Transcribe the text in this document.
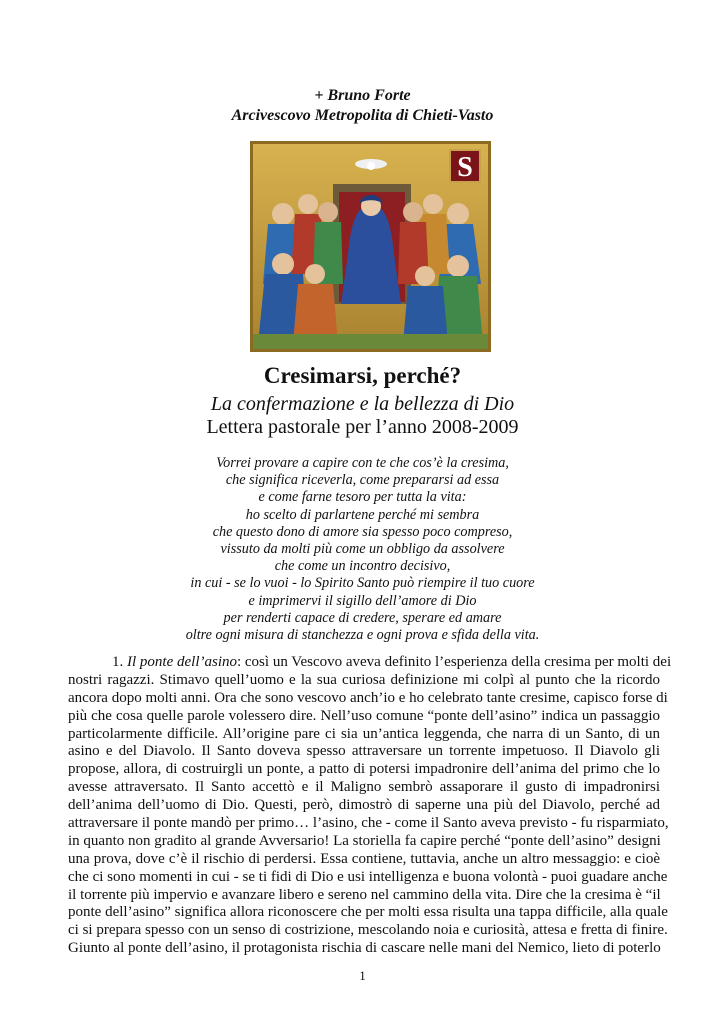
+ Bruno Forte
Arcivescovo Metropolita di Chieti-Vasto
S
Cresimarsi, perché?
La confermazione e la bellezza di Dio
Lettera pastorale per l’anno 2008-2009
Vorrei provare a capire con te che cos’è la cresima,
che significa riceverla, come prepararsi ad essa
e come farne tesoro per tutta la vita:
ho scelto di parlartene perché mi sembra
che questo dono di amore sia spesso poco compreso,
vissuto da molti più come un obbligo da assolvere
che come un incontro decisivo,
in cui - se lo vuoi - lo Spirito Santo può riempire il tuo cuore
e imprimervi il sigillo dell’amore di Dio
per renderti capace di credere, sperare ed amare
oltre ogni misura di stanchezza e ogni prova e sfida della vita.
1. Il ponte dell’asino: così un Vescovo aveva definito l’esperienza della cresima per molti dei
nostri ragazzi. Stimavo quell’uomo e la sua curiosa definizione mi colpì al punto che la ricordo
ancora dopo molti anni. Ora che sono vescovo anch’io e ho celebrato tante cresime, capisco forse di
più che cosa quelle parole volessero dire. Nell’uso comune “ponte dell’asino” indica un passaggio
particolarmente difficile. All’origine pare ci sia un’antica leggenda, che narra di un Santo, di un
asino e del Diavolo. Il Santo doveva spesso attraversare un torrente impetuoso. Il Diavolo gli
propose, allora, di costruirgli un ponte, a patto di potersi impadronire dell’anima del primo che lo
avesse attraversato. Il Santo accettò e il Maligno sembrò assaporare il gusto di impadronirsi
dell’anima dell’uomo di Dio. Questi, però, dimostrò di saperne una più del Diavolo, perché ad
attraversare il ponte mandò per primo… l’asino, che - come il Santo aveva previsto - fu risparmiato,
in quanto non gradito al grande Avversario! La storiella fa capire perché “ponte dell’asino” designi
una prova, dove c’è il rischio di perdersi. Essa contiene, tuttavia, anche un altro messaggio: e cioè
che ci sono momenti in cui - se ti fidi di Dio e usi intelligenza e buona volontà - puoi guadare anche
il torrente più impervio e avanzare libero e sereno nel cammino della vita. Dire che la cresima è “il
ponte dell’asino” significa allora riconoscere che per molti essa risulta una tappa difficile, alla quale
ci si prepara spesso con un senso di costrizione, mescolando noia e curiosità, attesa e fretta di finire.
Giunto al ponte dell’asino, il protagonista rischia di cascare nelle mani del Nemico, lieto di poterlo
1
